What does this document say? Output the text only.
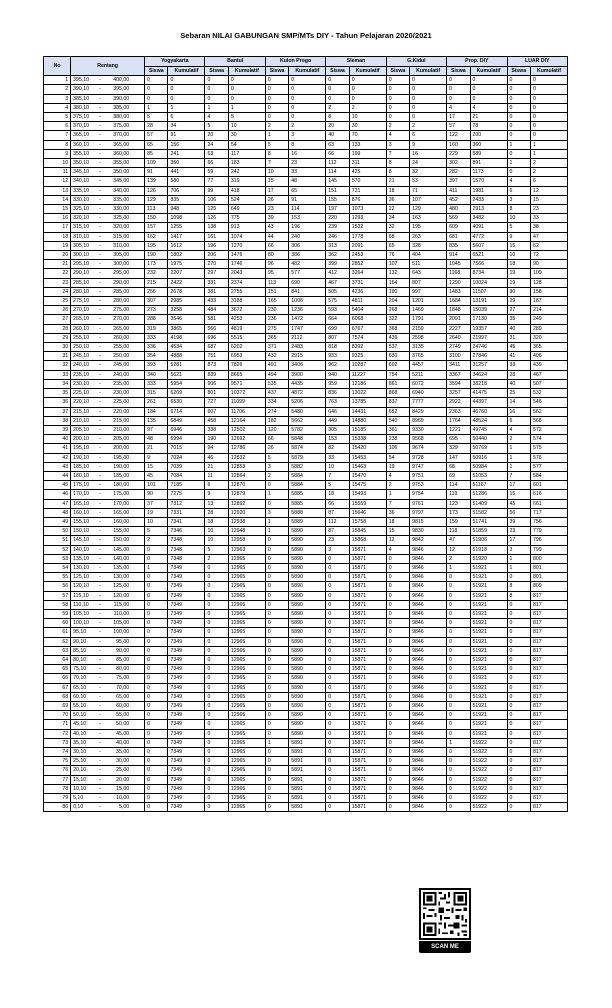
Sebaran NILAI GABUNGAN SMP/MTs DIY - Tahun Pelajaran 2020/2021
No	Rentang	Yogyakarta		Bantul		Kulon Progo		Sleman		G.Kidul		Prop. DIY		LUAR DIY	
		Siswa	Kumulatif	Siswa	Kumulatif	Siswa	Kumulatif	Siswa	Kumulatif	Siswa	Kumulatif	Siswa	Kumulatif	Siswa	Kumulatif
1	395,10 - 400,00	0	0	0	0	0	0	0	0	0	0	0	0	0	0
2	390,10 - 395,00	0	0	0	0	0	0	0	0	0	0	0	0	0	0
3	385,10 - 390,00	0	0	0	0	0	0	0	0	0	0	0	0	0	0
4	380,10 - 385,00	1	1	1	1	0	0	2	2	0	0	4	4	0	0
5	375,10 - 380,00	5	6	4	5	0	0	8	10	0	0	17	21	0	0
6	370,10 - 375,00	28	34	5	10	2	2	20	30	2	2	57	78	0	0
7	365,10 - 370,00	57	91	20	30	1	3	40	70	4	6	122	200	0	0
8	360,10 - 365,00	65	156	24	54	5	8	63	133	3	9	160	360	1	1
9	355,10 - 360,00	85	241	63	117	8	16	66	199	7	16	229	589	0	1
10	350,10 - 355,00	109	350	66	183	7	23	112	311	8	24	302	891	1	2
11	345,10 - 350,00	91	441	59	242	10	33	114	425	8	32	282	1173	0	2
12	340,10 - 345,00	139	580	77	319	15	48	145	570	21	53	397	1570	4	6
13	335,10 - 340,00	126	706	99	418	17	65	151	721	18	71	411	1981	6	12
14	330,10 - 335,00	129	835	106	524	26	91	155	876	36	107	452	2433	3	15
15	325,10 - 330,00	113	948	125	649	23	114	197	1073	22	129	480	2913	8	23
16	320,10 - 325,00	150	1098	126	775	39	153	220	1293	34	163	569	3482	10	33
17	315,10 - 320,00	157	1255	138	913	43	196	239	1532	32	195	609	4091	5	38
18	310,10 - 315,00	162	1417	161	1074	44	240	246	1778	68	263	681	4772	9	47
19	305,10 - 310,00	195	1612	196	1270	66	306	313	2091	65	328	835	5607	15	62
20	300,10 - 305,00	190	1802	206	1476	80	386	362	2453	76	404	914	6521	10	72
21	295,10 - 300,00	173	1975	270	1746	96	482	399	2852	107	511	1045	7566	18	90
22	290,10 - 295,00	232	2207	297	2043	95	577	412	3264	132	643	1168	8734	19	109
23	285,10 - 290,00	215	2422	331	2374	113	690	467	3731	164	807	1290	10024	19	128
24	280,10 - 285,00	256	2678	381	2755	151	841	505	4236	190	997	1483	11507	30	158
25	275,10 - 280,00	307	2985	433	3188	165	1006	575	4811	204	1201	1684	13191	29	187
26	270,10 - 275,00	273	3258	484	3672	230	1236	593	5404	268	1469	1848	15039	27	214
27	265,10 - 270,00	288	3546	581	4253	236	1472	664	6068	322	1791	2091	17130	35	249
28	260,10 - 265,00	319	3865	566	4819	275	1747	699	6767	368	2159	2227	19357	40	289
29	255,10 - 260,00	333	4198	696	5515	365	2112	807	7574	439	2598	2640	21997	31	320
30	250,10 - 255,00	336	4534	687	6202	371	2483	818	8392	537	3135	2749	24746	45	365
31	245,10 - 250,00	354	4888	751	6953	432	2915	933	9325	630	3765	3100	27846	41	406
32	240,10 - 245,00	393	5281	873	7826	491	3406	962	10287	692	4457	3411	31257	33	439
33	235,10 - 240,00	340	5621	839	8665	494	3900	940	11227	754	5211	3367	34624	28	467
34	230,10 - 235,00	333	5954	906	9571	535	4435	959	12186	861	6072	3594	38218	40	507
35	225,10 - 230,00	315	6269	801	10372	437	4872	836	13022	868	6940	3257	41475	25	532
36	220,10 - 225,00	261	6530	727	11099	334	5206	763	13785	837	7777	2922	44397	14	546
37	215,10 - 220,00	184	6714	607	11706	274	5480	646	14431	652	8429	2363	46760	16	562
38	210,10 - 215,00	135	6849	458	12164	182	5662	449	14880	540	8969	1764	48524	6	568
39	205,10 - 210,00	97	6946	338	12502	120	5782	305	15185	361	9330	1221	49745	4	572
40	200,10 - 205,00	48	6994	190	12692	66	5848	153	15338	238	9568	695	50440	2	574
41	195,10 - 200,00	21	7015	94	12786	26	5874	82	15420	106	9674	329	50769	1	575
42	190,10 - 195,00	9	7024	46	12832	5	5879	33	15453	54	9728	147	50916	1	576
43	185,10 - 190,00	15	7039	21	12853	3	5882	10	15463	19	9747	68	50984	1	577
44	180,10 - 185,00	45	7084	11	12864	2	5884	7	15470	4	9751	69	51053	7	584
45	175,10 - 180,00	101	7185	6	12870	0	5884	5	15475	2	9753	114	51167	17	601
46	170,10 - 175,00	90	7275	9	12879	1	5885	18	15493	1	9754	119	51286	15	616
47	165,10 - 170,00	37	7312	13	12892	0	5885	66	15559	7	9761	123	51409	45	661
48	160,10 - 165,00	19	7331	28	12920	3	5888	87	15646	36	9797	173	51582	56	717
49	155,10 - 160,00	10	7341	18	12938	1	5889	112	15758	18	9815	159	51741	39	756
50	150,10 - 155,00	5	7346	10	12948	1	5890	87	15845	15	9830	118	51859	23	779
51	145,10 - 150,00	2	7348	10	12958	0	5890	23	15868	12	9842	47	51906	17	796
52	140,10 - 145,00	0	7348	5	12963	0	5890	3	15871	4	9846	12	51918	3	799
53	135,10 - 140,00	0	7348	2	12965	0	5890	0	15871	0	9846	2	51920	1	800
54	130,10 - 135,00	1	7349	0	12965	0	5890	0	15871	0	9846	1	51921	1	801
55	125,10 - 130,00	0	7349	0	12965	0	5890	0	15871	0	9846	0	51921	0	801
56	120,10 - 125,00	0	7349	0	12965	0	5890	0	15871	0	9846	0	51921	8	809
57	115,10 - 120,00	0	7349	0	12965	0	5890	0	15871	0	9846	0	51921	8	817
58	110,10 - 115,00	0	7349	0	12965	0	5890	0	15871	0	9846	0	51921	0	817
59	105,10 - 110,00	0	7349	0	12965	0	5890	0	15871	0	9846	0	51921	0	817
60	100,10 - 105,00	0	7349	0	12965	0	5890	0	15871	0	9846	0	51921	0	817
61	95,10 - 100,00	0	7349	0	12965	0	5890	0	15871	0	9846	0	51921	0	817
62	90,10 - 95,00	0	7349	0	12965	0	5890	0	15871	0	9846	0	51921	0	817
63	85,10 - 90,00	0	7349	0	12965	0	5890	0	15871	0	9846	0	51921	0	817
64	80,10 - 85,00	0	7349	0	12965	0	5890	0	15871	0	9846	0	51921	0	817
65	75,10 - 80,00	0	7349	0	12965	0	5890	0	15871	0	9846	0	51921	0	817
66	70,10 - 75,00	0	7349	0	12965	0	5890	0	15871	0	9846	0	51921	0	817
67	65,10 - 70,00	0	7349	0	12965	0	5890	0	15871	0	9846	0	51921	0	817
68	60,10 - 65,00	0	7349	0	12965	0	5890	0	15871	0	9846	0	51921	0	817
69	55,10 - 60,00	0	7349	0	12965	0	5890	0	15871	0	9846	0	51921	0	817
70	50,10 - 55,00	0	7349	0	12965	0	5890	0	15871	0	9846	0	51921	0	817
71	45,10 - 50,00	0	7349	0	12965	0	5890	0	15871	0	9846	0	51921	0	817
72	40,10 - 45,00	0	7349	0	12965	0	5890	0	15871	0	9846	0	51921	0	817
73	35,10 - 40,00	0	7349	0	12965	1	5891	0	15871	0	9846	1	51922	0	817
74	30,10 - 35,00	0	7349	0	12965	0	5891	0	15871	0	9846	0	51922	0	817
75	25,10 - 30,00	0	7349	0	12965	0	5891	0	15871	0	9846	0	51922	0	817
76	20,10 - 25,00	0	7349	0	12965	0	5891	0	15871	0	9846	0	51922	0	817
77	15,10 - 20,00	0	7349	0	12965	0	5891	0	15871	0	9846	0	51922	0	817
78	10,10 - 15,00	0	7349	0	12965	0	5891	0	15871	0	9846	0	51922	0	817
79	5,10 - 10,00	0	7349	0	12965	0	5891	0	15871	0	9846	0	51922	0	817
80	0,10 - 5,00	0	7349	0	12965	0	5891	0	15871	0	9846	0	51922	0	817
SCAN ME
